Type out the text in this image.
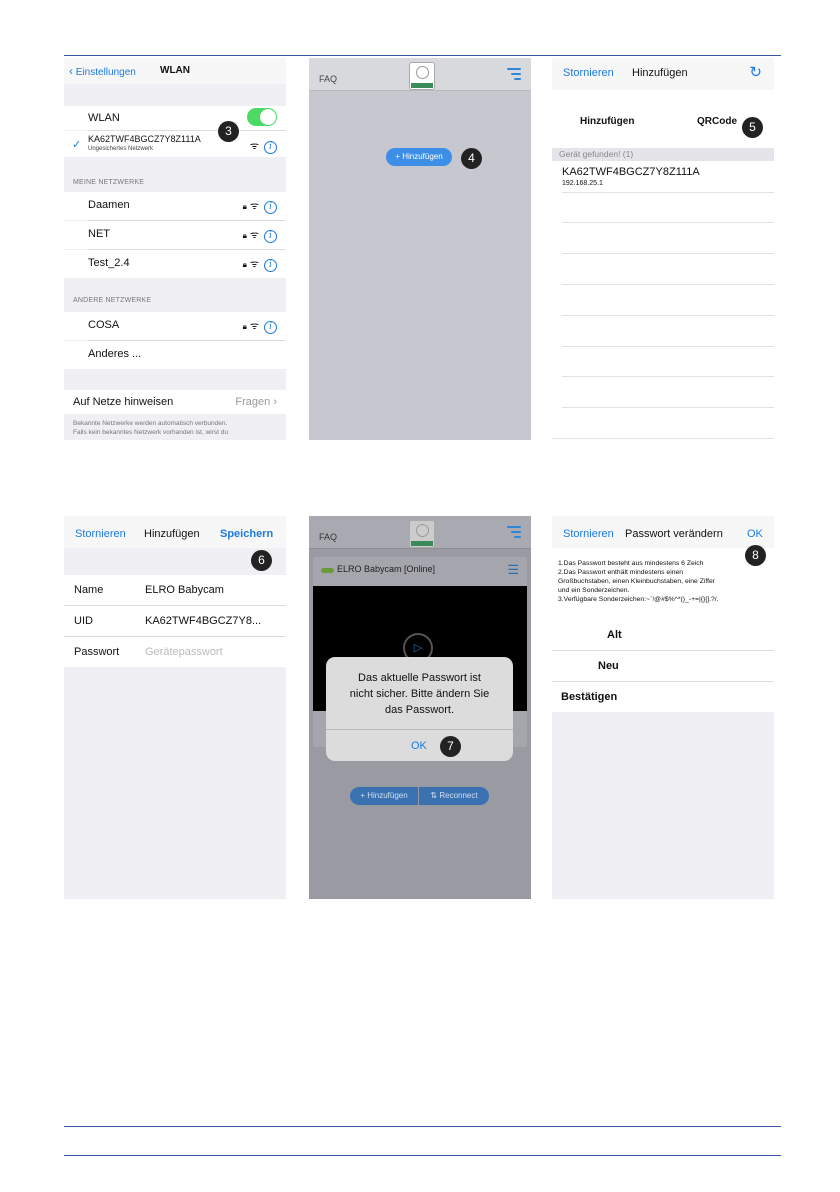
‹ Einstellungen WLAN
WLAN
✓ KA62TWF4BGCZ7Y8Z111A
Ungesichertes Netzwerk	ᯤ i
3
MEINE NETZWERKE
Daamen	🔒︎ ᯤ i
NET	🔒︎ ᯤ i
Test_2.4	🔒︎ ᯤ i
ANDERE NETZWERKE
COSA	🔒︎ ᯤ i
Anderes ...
Auf Netze hinweisen	Fragen ›
Bekannte Netzwerke werden automatisch verbunden.
Falls kein bekanntes Netzwerk vorhanden ist, wirst du
FAQ
+ Hinzufügen	4
Stornieren Hinzufügen	↻
Hinzufügen	QRCode	5
Gerät gefunden! (1)
KA62TWF4BGCZ7Y8Z111A
192.168.25.1
Stornieren Hinzufügen Speichern
6
Name	ELRO Babycam
UID	KA62TWF4BGCZ7Y8...
Passwort Gerätepasswort
FAQ
ELRO Babycam [Online]	☰
▷
Das aktuelle Passwort ist
nicht sicher. Bitte ändern Sie
das Passwort.
OK	7
+ Hinzufügen	⇅ Reconnect
Stornieren Passwort verändern OK
1.Das Passwort besteht aus mindestens 6 Zeich
2.Das Passwort enthält mindestens einen
Großbuchstaben, einen Kleinbuchstaben, eine Ziffer
und ein Sonderzeichen.
3.Verfügbare Sonderzeichen:~`!@#$%^*()_-+=|{}[].?/.
8
Alt
Neu
Bestätigen
